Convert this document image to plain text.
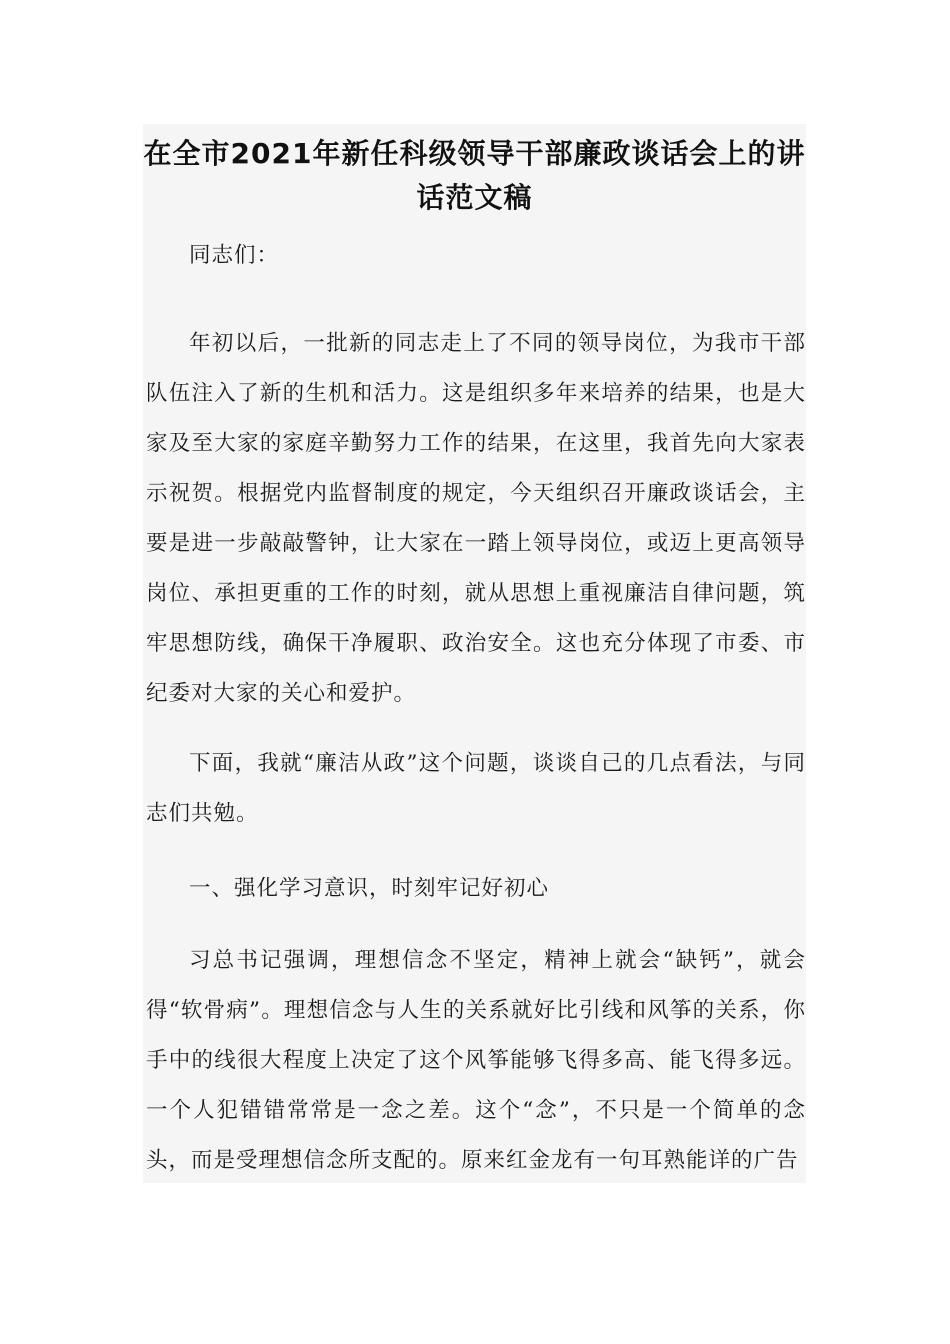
在全市2021年新任科级领导干部廉政谈话会上的讲话范文稿

同志们：

年初以后，一批新的同志走上了不同的领导岗位，为我市干部队伍注入了新的生机和活力。这是组织多年来培养的结果，也是大家及至大家的家庭辛勤努力工作的结果，在这里，我首先向大家表示祝贺。根据党内监督制度的规定，今天组织召开廉政谈话会，主要是进一步敲敲警钟，让大家在一踏上领导岗位，或迈上更高领导岗位、承担更重的工作的时刻，就从思想上重视廉洁自律问题，筑牢思想防线，确保干净履职、政治安全。这也充分体现了市委、市纪委对大家的关心和爱护。

下面，我就“廉洁从政”这个问题，谈谈自己的几点看法，与同志们共勉。

一、强化学习意识，时刻牢记好初心

习总书记强调，理想信念不坚定，精神上就会“缺钙”，就会得“软骨病”。理想信念与人生的关系就好比引线和风筝的关系，你手中的线很大程度上决定了这个风筝能够飞得多高、能飞得多远。一个人犯错错常常是一念之差。这个“念”，不只是一个简单的念头，而是受理想信念所支配的。原来红金龙有一句耳熟能详的广告
